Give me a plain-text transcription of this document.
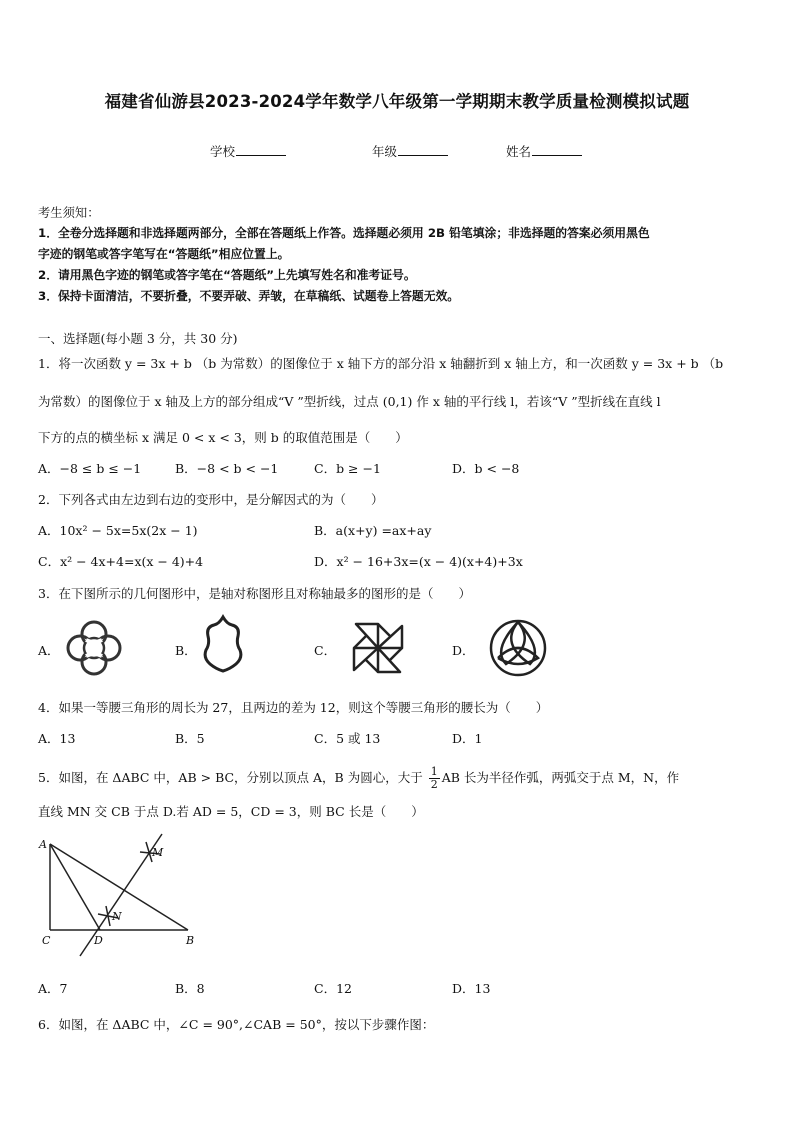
福建省仙游县2023-2024学年数学八年级第一学期期末教学质量检测模拟试题
学校	年级	姓名
考生须知：
1．全卷分选择题和非选择题两部分，全部在答题纸上作答。选择题必须用 2B 铅笔填涂；非选择题的答案必须用黑色
字迹的钢笔或答字笔写在“答题纸”相应位置上。
2．请用黑色字迹的钢笔或答字笔在“答题纸”上先填写姓名和准考证号。
3．保持卡面清洁，不要折叠，不要弄破、弄皱，在草稿纸、试题卷上答题无效。
一、选择题(每小题 3 分，共 30 分)
1．将一次函数 y = 3x + b （b 为常数）的图像位于 x 轴下方的部分沿 x 轴翻折到 x 轴上方，和一次函数 y = 3x + b （b
为常数）的图像位于 x 轴及上方的部分组成“V ”型折线，过点 (0,1) 作 x 轴的平行线 l，若该“V ”型折线在直线 l
下方的点的横坐标 x 满足 0 < x < 3，则 b 的取值范围是（　　）
A．−8 ≤ b ≤ −1	B．−8 < b < −1	C．b ≥ −1	D．b < −8
2．下列各式由左边到右边的变形中，是分解因式的为（　　）
A．10x² − 5x=5x(2x − 1)	B．a(x+y) =ax+ay
C．x² − 4x+4=x(x − 4)+4	D．x² − 16+3x=(x − 4)(x+4)+3x
3．在下图所示的几何图形中，是轴对称图形且对称轴最多的图形的是（　　）
A．	B．	C．	D．
4．如果一等腰三角形的周长为 27，且两边的差为 12，则这个等腰三角形的腰长为（　　）
A．13	B．5	C．5 或 13	D．1
5．如图，在 ΔABC 中，AB > BC，分别以顶点 A，B 为圆心，大于 $\frac{1}{2}$ AB 长为半径作弧，两弧交于点 M，N，作
直线 MN 交 CB 于点 D.若 AD = 5，CD = 3，则 BC 长是（　　）
A
C	D	B
M
N
A．7	B．8	C．12	D．13
6．如图，在 ΔABC 中，∠C = 90°,∠CAB = 50°，按以下步骤作图：
